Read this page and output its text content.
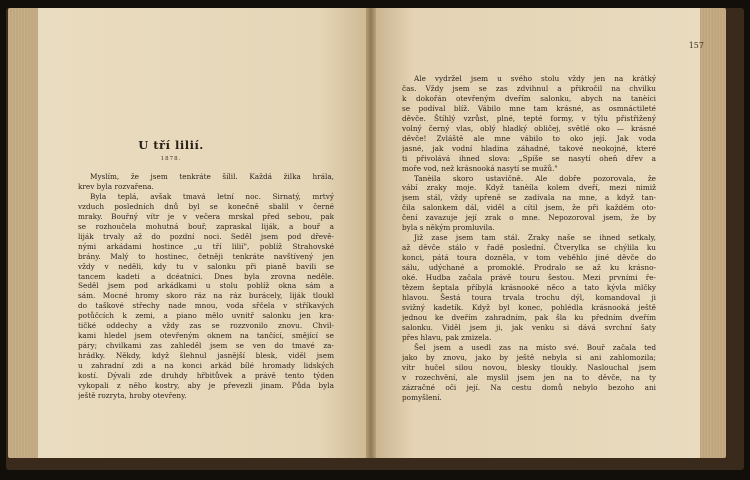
U tří lilií.
1878.

Myslím, že jsem tenkráte šílil. Každá žilka hrála,

krev byla rozvařena.

Byla teplá, avšak tmavá letní noc. Sirnatý, mrtvý

vzduch posledních dnů byl se konečně sbalil v černé

mraky. Bouřný vítr je v večera mrskal před sebou, pak

se rozhoučela mohutná bouř, zapraskal liják, a bouř a

liják trvaly až do pozdní noci. Seděl jsem pod dřevě-

nými arkádami hostince „u tří lilií", poblíž Strahovské

brány. Malý to hostinec, četněji tenkráte navštívený jen

vždy v neděli, kdy tu v salonku při pianě bavili se

tancem kadeti a dcéatníci. Dnes byla zrovna neděle.

Seděl jsem pod arkádkami u stolu poblíž okna sám a

sám. Mocné hromy skoro ráz na ráz burácely, liják tloukl

do taškové střechy nade mnou, voda sřčela v stříkavých

potůčcích k zemi, a piano mělo uvnitř salonku jen kra-

tičké oddechy a vždy zas se rozzvonilo znovu. Chvil-

kami hledel jsem otevřeným oknem na tančící, smějící se

páry; chvilkami zas zahleděl jsem se ven do tmavé za-

hrádky. Někdy, když šlehnul jasnější blesk, viděl jsem

u zahradní zdi a na konci arkád bílé hromady lidských

kostí. Dývali zde druhdy hřbitůvek a právě tento týden

vykopali z něho kostry, aby je převezli jinam. Půda byla

ještě rozryta, hroby otevřeny.

157

Ale vydržel jsem u svého stolu vždy jen na krátký

čas. Vždy jsem se zas zdvihnul a přikročil na chvilku

k dokořán otevřeným dveřím salonku, abych na tanèíci

se podíval blíž. Vábilo mne tam krásné, as osmnáctileté

děvče. Štíhlý vzrůst, plné, tepté formy, v týlu přistřižený

volný černý vlas, oblý hladký obličej, světlé oko — krásné

děvče! Zvláště ale mne vábilo to oko její. Jak voda

jasné, jak vodní hladina záhadné, takové neokojné, které

ti přivolává ihned slova: „Spíše se nasytí oheň dřev a

moře vod, než krásnooká nasytí se mužů."

Tanèila skoro ustavičně. Ale dobře pozorovala, že

vábí zraky moje. Když tanèíla kolem dveří, mezi nimiž

jsem stál, vždy upřeně se zadívala na mne, a když tan-

čila salonkem dál, viděl a cítil jsem, že při každém oto-

čení zavazuje její zrak o mne. Nepozoroval jsem, že by

byla s někým promluvila.

Již zase jsem tam stál. Zraky naše se ihned setkaly,

až děvče stálo v řadě poslední. Čtverylka se chýlila ku

konci, pátá toura dozněla, v tom veběhlo jiné děvče do

sálu, udýchané a promoklé. Prodralo se až ku krásno-

oké. Hudba začala právě touru šestou. Mezi prvními ře-

tězem šeptala příbylá krásnooké něco a tato kývla mlčky

hlavou. Šestá toura trvala trochu dýl, komandoval ji

svižný kadetík. Když byl konec, pohlédla krásnooká ještě

jednou ke dveřím zahradním, pak šla ku předním dveřím

salonku. Viděl jsem ji, jak venku si dává svrchní šaty

přes hlavu, pak zmizela.

Šel jsem a usedl zas na místo své. Bouř začala teď

jako by znovu, jako by ještě nebyla si ani zahlomozila;

vítr hučel silou novou, blesky tloukly. Naslouchal jsem

v rozechvění, ale myslil jsem jen na to děvče, na ty

zázračné oči její. Na cestu domů nebylo bezoho ani

pomyšlení.
